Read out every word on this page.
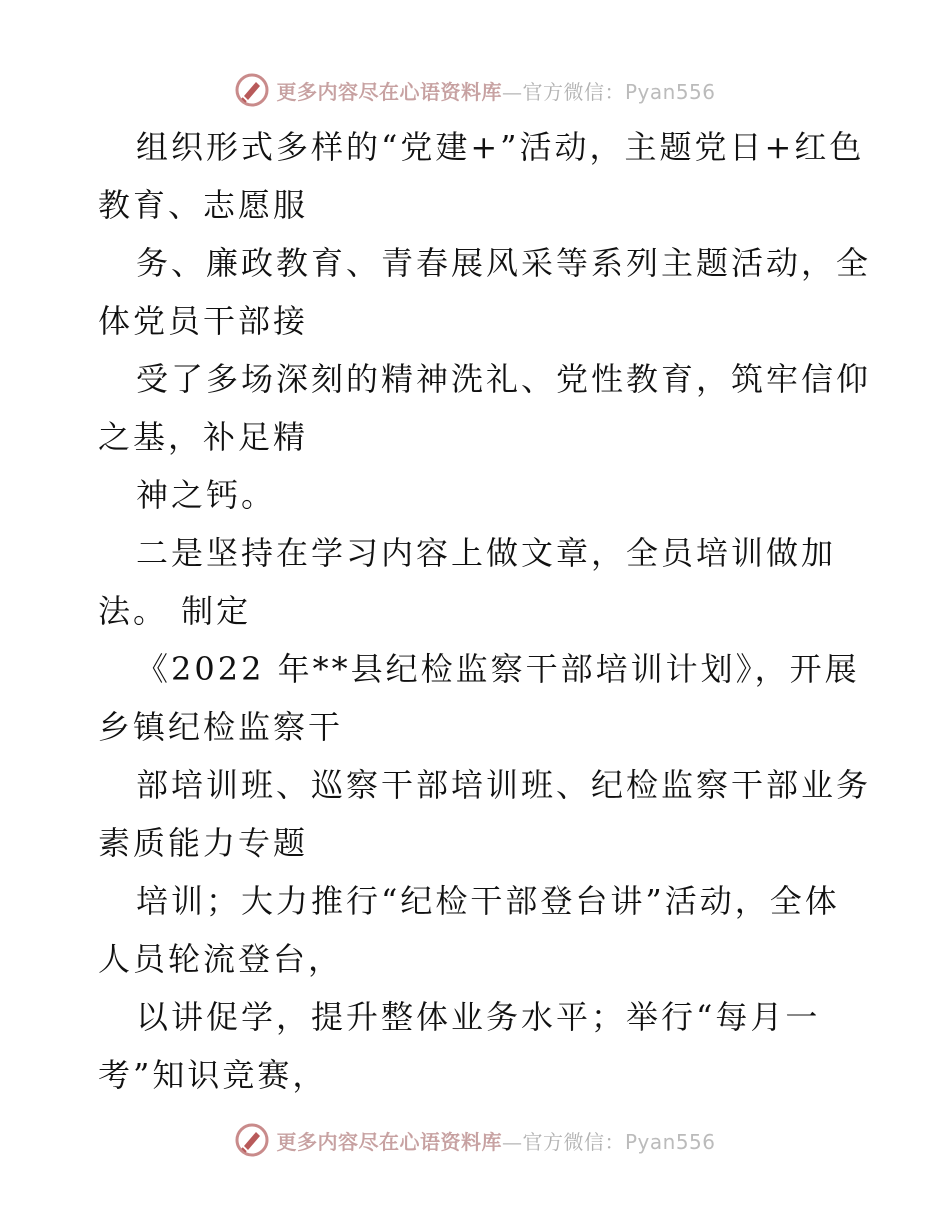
更多内容尽在心语资料库—官方微信：Pyan556
组织形式多样的“党建+”活动，主题党日+红色
教育、志愿服
务、廉政教育、青春展风采等系列主题活动，全
体党员干部接
受了多场深刻的精神洗礼、党性教育，筑牢信仰
之基，补足精
神之钙。
二是坚持在学习内容上做文章，全员培训做加
法。 制定
《2022 年**县纪检监察干部培训计划》，开展
乡镇纪检监察干
部培训班、巡察干部培训班、纪检监察干部业务
素质能力专题
培训；大力推行“纪检干部登台讲”活动，全体
人员轮流登台，
以讲促学，提升整体业务水平；举行“每月一
考”知识竞赛，
更多内容尽在心语资料库—官方微信：Pyan556
